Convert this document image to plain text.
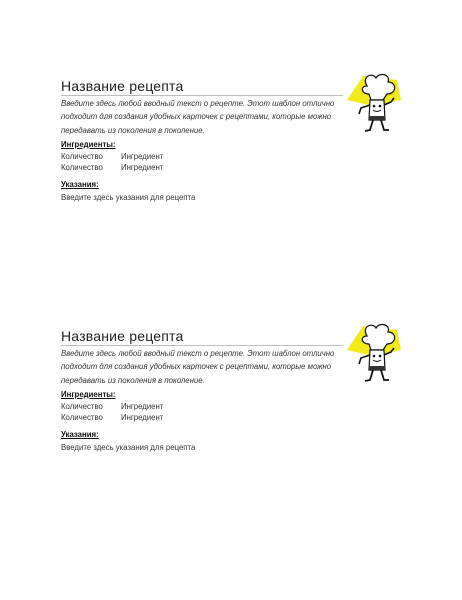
Название рецепта
Введите здесь любой вводный текст о рецепте. Этот шаблон отлично подходит для создания удобных карточек с рецептами, которые можно передавать из поколения в поколение.
Ингредиенты:
Количество Ингредиент
Количество Ингредиент
Указания:
Введите здесь указания для рецепта
Название рецепта
Введите здесь любой вводный текст о рецепте. Этот шаблон отлично подходит для создания удобных карточек с рецептами, которые можно передавать из поколения в поколение.
Ингредиенты:
Количество Ингредиент
Количество Ингредиент
Указания:
Введите здесь указания для рецепта
